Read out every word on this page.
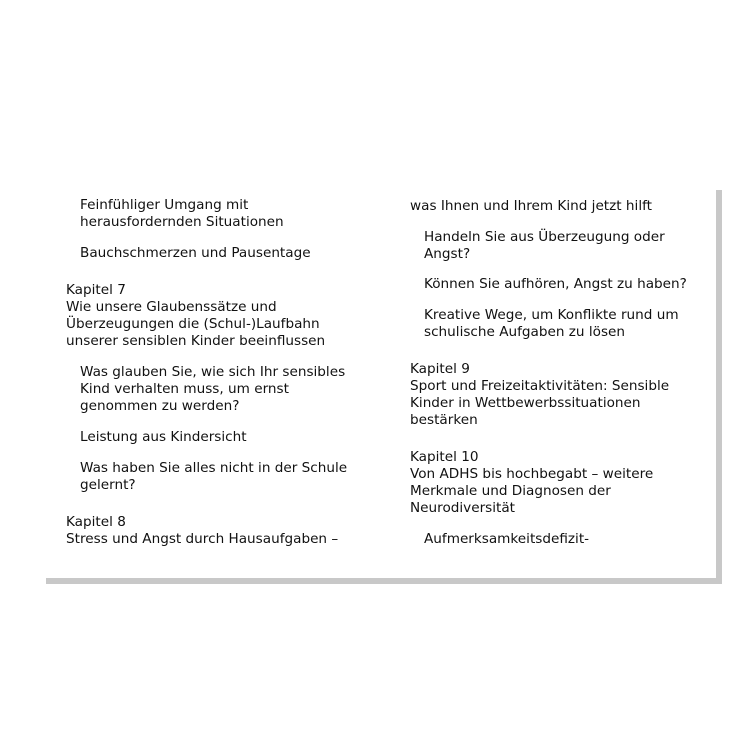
Feinfühliger Umgang mit
herausfordernden Situationen
Bauchschmerzen und Pausentage
Kapitel 7
Wie unsere Glaubenssätze und
Überzeugungen die (Schul-)Laufbahn
unserer sensiblen Kinder beeinflussen
Was glauben Sie, wie sich Ihr sensibles
Kind verhalten muss, um ernst
genommen zu werden?
Leistung aus Kindersicht
Was haben Sie alles nicht in der Schule
gelernt?
Kapitel 8
Stress und Angst durch Hausaufgaben –
was Ihnen und Ihrem Kind jetzt hilft
Handeln Sie aus Überzeugung oder
Angst?
Können Sie aufhören, Angst zu haben?
Kreative Wege, um Konflikte rund um
schulische Aufgaben zu lösen
Kapitel 9
Sport und Freizeitaktivitäten: Sensible
Kinder in Wettbewerbssituationen
bestärken
Kapitel 10
Von ADHS bis hochbegabt – weitere
Merkmale und Diagnosen der
Neurodiversität
Aufmerksamkeitsdefizit-
